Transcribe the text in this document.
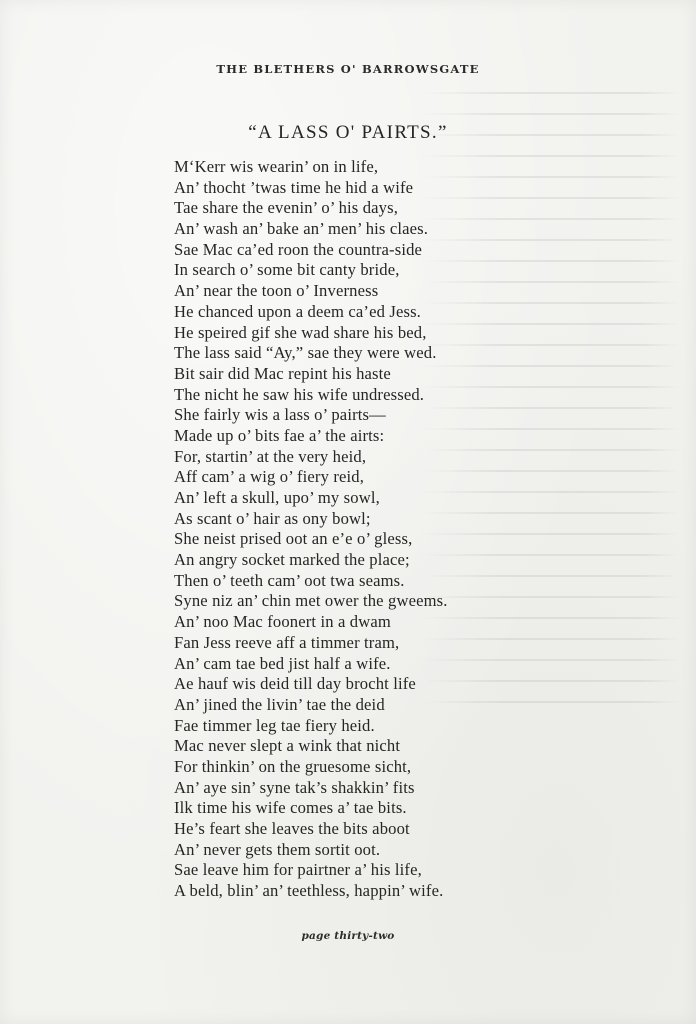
THE BLETHERS O' BARROWSGATE
“A LASS O' PAIRTS.”
M‘Kerr wis wearin’ on in life,
An’ thocht ’twas time he hid a wife
Tae share the evenin’ o’ his days,
An’ wash an’ bake an’ men’ his claes.
Sae Mac ca’ed roon the countra-side
In search o’ some bit canty bride,
An’ near the toon o’ Inverness
He chanced upon a deem ca’ed Jess.
He speired gif she wad share his bed,
The lass said “Ay,” sae they were wed.
Bit sair did Mac repint his haste
The nicht he saw his wife undressed.
She fairly wis a lass o’ pairts—
Made up o’ bits fae a’ the airts:
For, startin’ at the very heid,
Aff cam’ a wig o’ fiery reid,
An’ left a skull, upo’ my sowl,
As scant o’ hair as ony bowl;
She neist prised oot an e’e o’ gless,
An angry socket marked the place;
Then o’ teeth cam’ oot twa seams.
Syne niz an’ chin met ower the gweems.
An’ noo Mac foonert in a dwam
Fan Jess reeve aff a timmer tram,
An’ cam tae bed jist half a wife.
Ae hauf wis deid till day brocht life
An’ jined the livin’ tae the deid
Fae timmer leg tae fiery heid.
Mac never slept a wink that nicht
For thinkin’ on the gruesome sicht,
An’ aye sin’ syne tak’s shakkin’ fits
Ilk time his wife comes a’ tae bits.
He’s feart she leaves the bits aboot
An’ never gets them sortit oot.
Sae leave him for pairtner a’ his life,
A beld, blin’ an’ teethless, happin’ wife.
page thirty-two
